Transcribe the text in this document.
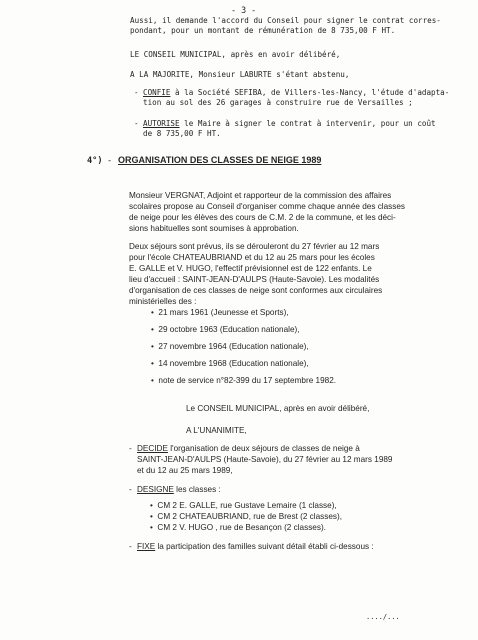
- 3 -
Aussi, il demande l'accord du Conseil pour signer le contrat corres-
pondant, pour un montant de rémunération de 8 735,00 F HT.
LE CONSEIL MUNICIPAL, après en avoir délibéré,
A LA MAJORITE, Monsieur LABURTE s'étant abstenu,
- CONFIE à la Société SEFIBA, de Villers-les-Nancy, l'étude d'adapta-
tion au sol des 26 garages à construire rue de Versailles ;
- AUTORISE le Maire à signer le contrat à intervenir, pour un coût
de 8 735,00 F HT.
4°) - ORGANISATION DES CLASSES DE NEIGE 1989
Monsieur VERGNAT, Adjoint et rapporteur de la commission des affaires
scolaires propose au Conseil d'organiser comme chaque année des classes
de neige pour les élèves des cours de C.M. 2 de la commune, et les déci-
sions habituelles sont soumises à approbation.
Deux séjours sont prévus, ils se dérouleront du 27 février au 12 mars
pour l'école CHATEAUBRIAND et du 12 au 25 mars pour les écoles
E. GALLE et V. HUGO, l'effectif prévisionnel est de 122 enfants. Le
lieu d'accueil : SAINT-JEAN-D'AULPS (Haute-Savoie). Les modalités
d'organisation de ces classes de neige sont conformes aux circulaires
ministérielles des :
•  21 mars 1961 (Jeunesse et Sports),
•  29 octobre 1963 (Education nationale),
•  27 novembre 1964 (Education nationale),
•  14 novembre 1968 (Education nationale),
•  note de service n°82-399 du 17 septembre 1982.
Le CONSEIL MUNICIPAL, après en avoir délibéré,
A L'UNANIMITE,
- DECIDE l'organisation de deux séjours de classes de neige à
SAINT-JEAN-D'AULPS (Haute-Savoie), du 27 février au 12 mars 1989
et du 12 au 25 mars 1989,
- DESIGNE les classes :
•  CM 2 E. GALLE, rue Gustave Lemaire (1 classe),
•  CM 2 CHATEAUBRIAND, rue de Brest (2 classes),
•  CM 2 V. HUGO , rue de Besançon (2 classes).
- FIXE la participation des familles suivant détail établi ci-dessous :
..../...
